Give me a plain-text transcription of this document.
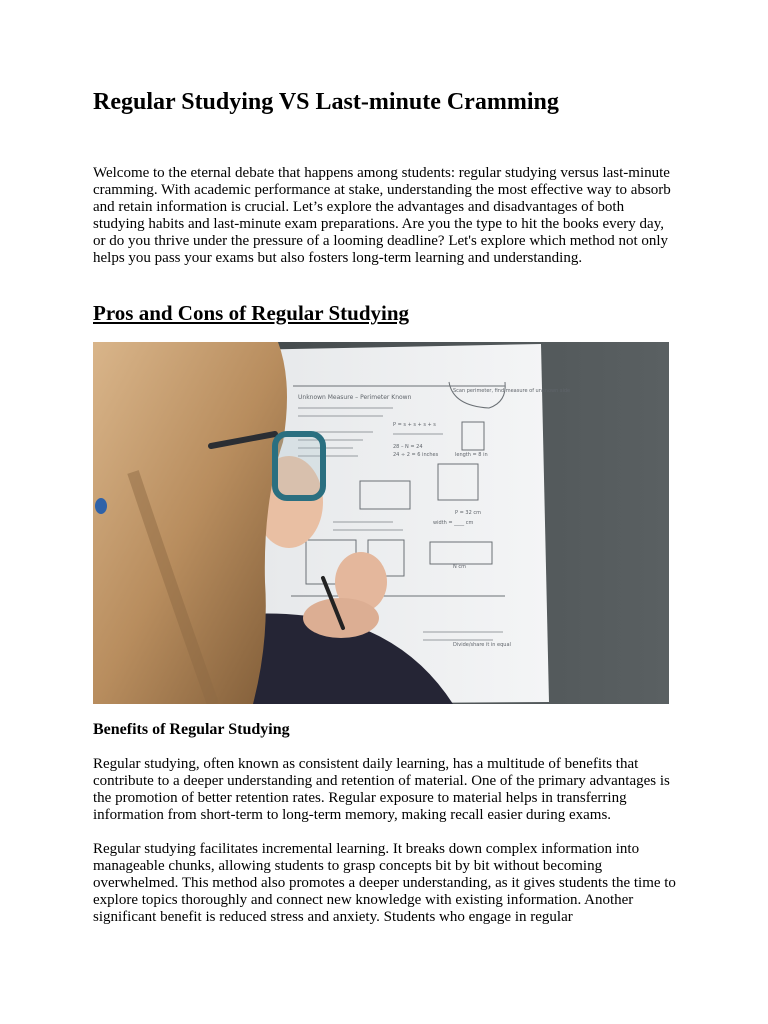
Regular Studying VS Last-minute Cramming

Welcome to the eternal debate that happens among students: regular studying versus last-minute cramming. With academic performance at stake, understanding the most effective way to absorb and retain information is crucial. Let’s explore the advantages and disadvantages of both studying habits and last-minute exam preparations. Are you the type to hit the books every day, or do you thrive under the pressure of a looming deadline? Let's explore which method not only helps you pass your exams but also fosters long-term learning and understanding.

Pros and Cons of Regular Studying
Unknown Measure – Perimeter Known
Scan perimeter, find measure of unknown side
length = 8 in
P = s + s + s + s
28 – N = 24
24 ÷ 2 = 6 inches
width = ____ cm
P = 32 cm
N cm
Divide/share it in equal
Benefits of Regular Studying

Regular studying, often known as consistent daily learning, has a multitude of benefits that contribute to a deeper understanding and retention of material. One of the primary advantages is the promotion of better retention rates. Regular exposure to material helps in transferring information from short-term to long-term memory, making recall easier during exams.

Regular studying facilitates incremental learning. It breaks down complex information into manageable chunks, allowing students to grasp concepts bit by bit without becoming overwhelmed. This method also promotes a deeper understanding, as it gives students the time to explore topics thoroughly and connect new knowledge with existing information. Another significant benefit is reduced stress and anxiety. Students who engage in regular
